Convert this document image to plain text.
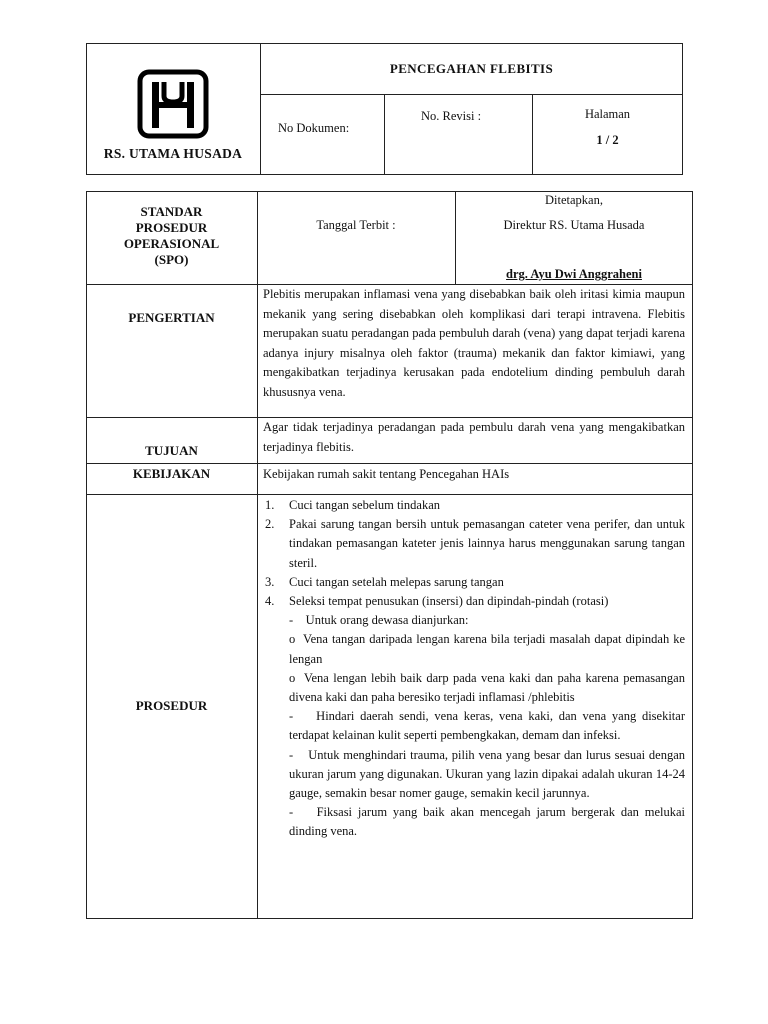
RS. UTAMA HUSADA
PENCEGAHAN FLEBITIS
No Dokumen:
No. Revisi :	Halaman
1 / 2
STANDAR
PROSEDUR
OPERASIONAL
(SPO)
Tanggal Terbit :
Ditetapkan,
Direktur RS. Utama Husada
drg. Ayu Dwi Anggraheni
PENGERTIAN
Plebitis merupakan inflamasi vena yang disebabkan baik oleh iritasi kimia maupun mekanik yang sering disebabkan oleh komplikasi dari terapi intravena. Flebitis merupakan suatu peradangan pada pembuluh darah (vena) yang dapat terjadi karena adanya injury misalnya oleh faktor (trauma) mekanik dan faktor kimiawi, yang mengakibatkan terjadinya kerusakan pada endotelium dinding pembuluh darah khususnya vena.
TUJUAN
Agar tidak terjadinya peradangan pada pembulu darah vena yang mengakibatkan terjadinya flebitis.
KEBIJAKAN	Kebijakan rumah sakit tentang Pencegahan HAIs
PROSEDUR
1. Cuci tangan sebelum tindakan
2. Pakai sarung tangan bersih untuk pemasangan cateter vena perifer, dan untuk tindakan pemasangan kateter jenis lainnya harus menggunakan sarung tangan steril.
3. Cuci tangan setelah melepas sarung tangan
4. Seleksi tempat penusukan (insersi) dan dipindah-pindah (rotasi)
-    Untuk orang dewasa dianjurkan:
o  Vena tangan daripada lengan karena bila terjadi masalah dapat dipindah ke lengan
o  Vena lengan lebih baik darp pada vena kaki dan paha karena pemasangan divena kaki dan paha beresiko terjadi inflamasi /phlebitis
-    Hindari daerah sendi, vena keras, vena kaki, dan vena yang disekitar terdapat kelainan kulit seperti pembengkakan, demam dan infeksi.
-    Untuk menghindari trauma, pilih vena yang besar dan lurus sesuai dengan ukuran jarum yang digunakan. Ukuran yang lazin dipakai adalah ukuran 14-24 gauge, semakin besar nomer gauge, semakin kecil jarunnya.
-    Fiksasi jarum yang baik akan mencegah jarum bergerak dan melukai dinding vena.
